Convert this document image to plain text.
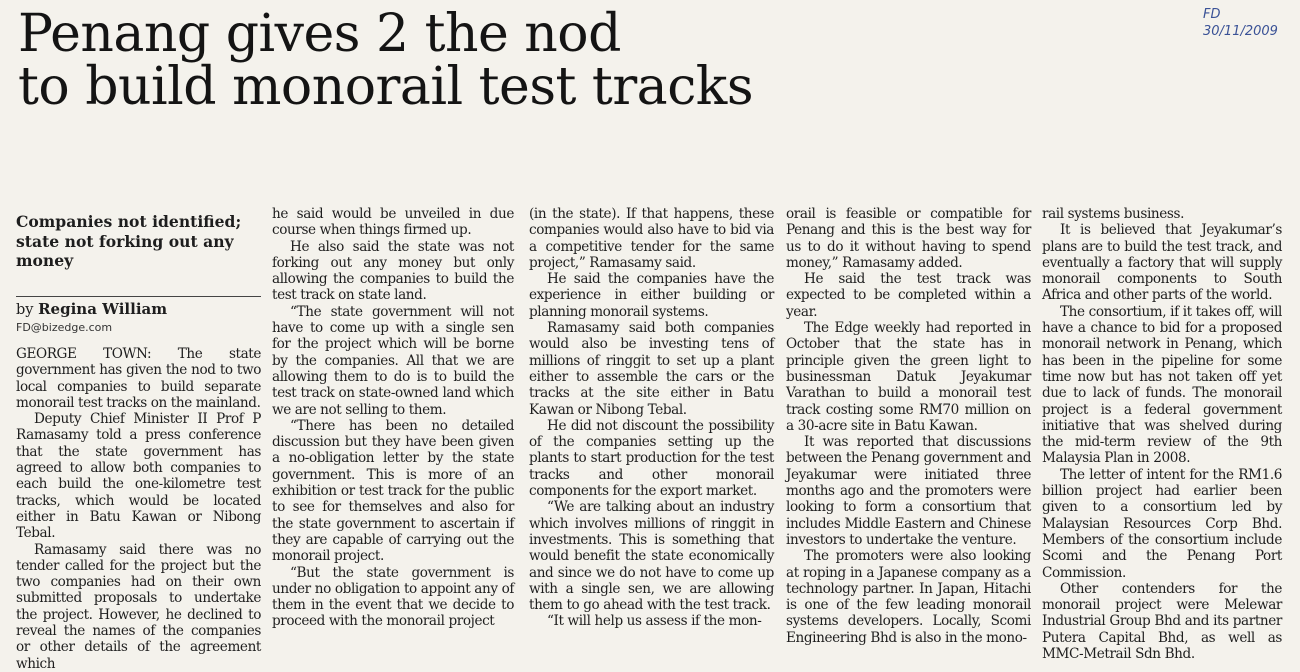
Penang gives 2 the nod
to build monorail test tracks
FD
30/11/2009
Companies not identified; state not forking out any money
by Regina William
FD@bizedge.com

GEORGE TOWN: The state government has given the nod to two local companies to build separate monorail test tracks on the mainland.

Deputy Chief Minister II Prof P Ramasamy told a press conference that the state government has agreed to allow both companies to each build the one-kilometre test tracks, which would be located either in Batu Kawan or Nibong Tebal.

Ramasamy said there was no tender called for the project but the two companies had on their own submitted proposals to undertake the project. However, he declined to reveal the names of the companies or other details of the agreement which

he said would be unveiled in due course when things firmed up.

He also said the state was not forking out any money but only allowing the companies to build the test track on state land.

“The state government will not have to come up with a single sen for the project which will be borne by the companies. All that we are allowing them to do is to build the test track on state-owned land which we are not selling to them.

“There has been no detailed discussion but they have been given a no-obligation letter by the state government. This is more of an exhibition or test track for the public to see for themselves and also for the state government to ascertain if they are capable of carrying out the monorail project.

“But the state government is under no obligation to appoint any of them in the event that we decide to proceed with the monorail project

(in the state). If that happens, these companies would also have to bid via a competitive tender for the same project,” Ramasamy said.

He said the companies have the experience in either building or planning monorail systems.

Ramasamy said both companies would also be investing tens of millions of ringgit to set up a plant either to assemble the cars or the tracks at the site either in Batu Kawan or Nibong Tebal.

He did not discount the possibility of the companies setting up the plants to start production for the test tracks and other monorail components for the export market.

“We are talking about an industry which involves millions of ringgit in investments. This is something that would benefit the state economically and since we do not have to come up with a single sen, we are allowing them to go ahead with the test track.

“It will help us assess if the mon-

orail is feasible or compatible for Penang and this is the best way for us to do it without having to spend money,” Ramasamy added.

He said the test track was expected to be completed within a year.

The Edge weekly had reported in October that the state has in principle given the green light to businessman Datuk Jeyakumar Varathan to build a monorail test track costing some RM70 million on a 30-acre site in Batu Kawan.

It was reported that discussions between the Penang government and Jeyakumar were initiated three months ago and the promoters were looking to form a consortium that includes Middle Eastern and Chinese investors to undertake the venture.

The promoters were also looking at roping in a Japanese company as a technology partner. In Japan, Hitachi is one of the few leading monorail systems developers. Locally, Scomi Engineering Bhd is also in the mono-

rail systems business.

It is believed that Jeyakumar’s plans are to build the test track, and eventually a factory that will supply monorail components to South Africa and other parts of the world.

The consortium, if it takes off, will have a chance to bid for a proposed monorail network in Penang, which has been in the pipeline for some time now but has not taken off yet due to lack of funds. The monorail project is a federal government initiative that was shelved during the mid-term review of the 9th Malaysia Plan in 2008.

The letter of intent for the RM1.6 billion project had earlier been given to a consortium led by Malaysian Resources Corp Bhd. Members of the consortium include Scomi and the Penang Port Commission.

Other contenders for the monorail project were Melewar Industrial Group Bhd and its partner Putera Capital Bhd, as well as MMC-Metrail Sdn Bhd.
